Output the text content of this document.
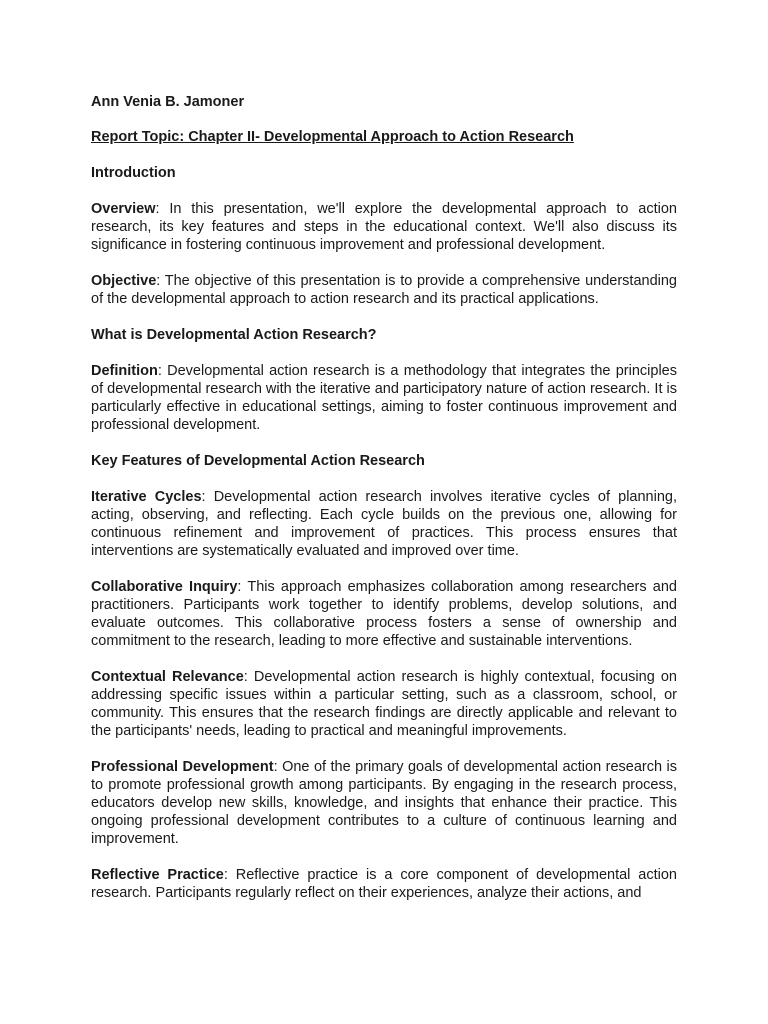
Ann Venia B. Jamoner

Report Topic: Chapter II- Developmental Approach to Action Research

Introduction

Overview: In this presentation, we'll explore the developmental approach to action research, its key features and steps in the educational context. We'll also discuss its significance in fostering continuous improvement and professional development.

Objective: The objective of this presentation is to provide a comprehensive understanding of the developmental approach to action research and its practical applications.

What is Developmental Action Research?

Definition: Developmental action research is a methodology that integrates the principles of developmental research with the iterative and participatory nature of action research. It is particularly effective in educational settings, aiming to foster continuous improvement and professional development.

Key Features of Developmental Action Research

Iterative Cycles: Developmental action research involves iterative cycles of planning, acting, observing, and reflecting. Each cycle builds on the previous one, allowing for continuous refinement and improvement of practices. This process ensures that interventions are systematically evaluated and improved over time.

Collaborative Inquiry: This approach emphasizes collaboration among researchers and practitioners. Participants work together to identify problems, develop solutions, and evaluate outcomes. This collaborative process fosters a sense of ownership and commitment to the research, leading to more effective and sustainable interventions.

Contextual Relevance: Developmental action research is highly contextual, focusing on addressing specific issues within a particular setting, such as a classroom, school, or community. This ensures that the research findings are directly applicable and relevant to the participants' needs, leading to practical and meaningful improvements.

Professional Development: One of the primary goals of developmental action research is to promote professional growth among participants. By engaging in the research process, educators develop new skills, knowledge, and insights that enhance their practice. This ongoing professional development contributes to a culture of continuous learning and improvement.

Reflective Practice: Reflective practice is a core component of developmental action research. Participants regularly reflect on their experiences, analyze their actions, and
